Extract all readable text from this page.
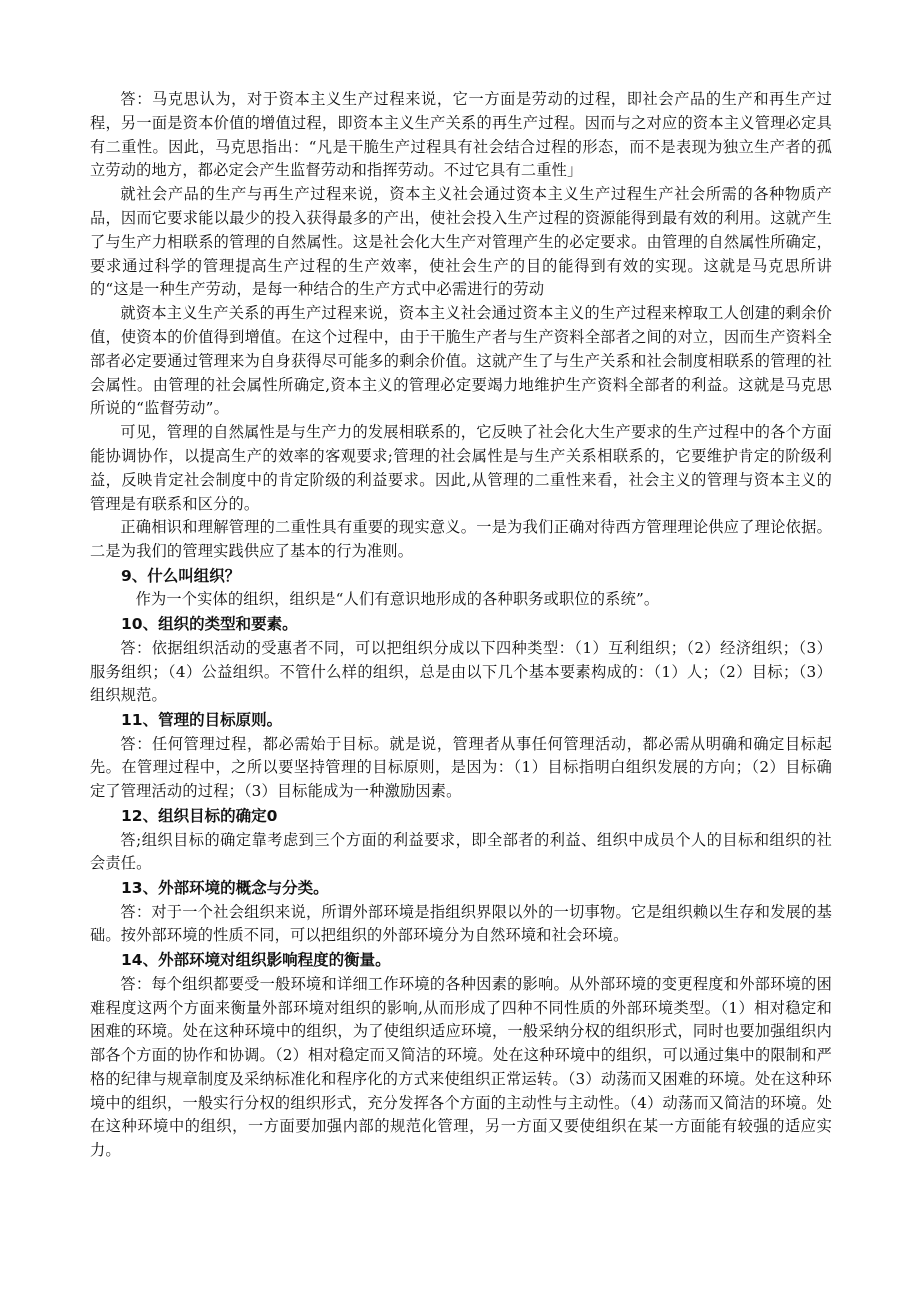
答：马克思认为，对于资本主义生产过程来说，它一方面是劳动的过程，即社会产品的生产和再生产过程，另一面是资本价值的增值过程，即资本主义生产关系的再生产过程。因而与之对应的资本主义管理必定具有二重性。因此，马克思指出：“凡是干脆生产过程具有社会结合过程的形态，而不是表现为独立生产者的孤立劳动的地方，都必定会产生监督劳动和指挥劳动。不过它具有二重性」

就社会产品的生产与再生产过程来说，资本主义社会通过资本主义生产过程生产社会所需的各种物质产品，因而它要求能以最少的投入获得最多的产出，使社会投入生产过程的资源能得到最有效的利用。这就产生了与生产力相联系的管理的自然属性。这是社会化大生产对管理产生的必定要求。由管理的自然属性所确定，要求通过科学的管理提高生产过程的生产效率，使社会生产的目的能得到有效的实现。这就是马克思所讲的“这是一种生产劳动，是每一种结合的生产方式中必需进行的劳动

就资本主义生产关系的再生产过程来说，资本主义社会通过资本主义的生产过程来榨取工人创建的剩余价值，使资本的价值得到增值。在这个过程中，由于干脆生产者与生产资料全部者之间的对立，因而生产资料全部者必定要通过管理来为自身获得尽可能多的剩余价值。这就产生了与生产关系和社会制度相联系的管理的社会属性。由管理的社会属性所确定,资本主义的管理必定要竭力地维护生产资料全部者的利益。这就是马克思所说的“监督劳动”。

可见，管理的自然属性是与生产力的发展相联系的，它反映了社会化大生产要求的生产过程中的各个方面能协调协作，以提高生产的效率的客观要求;管理的社会属性是与生产关系相联系的，它要维护肯定的阶级利益，反映肯定社会制度中的肯定阶级的利益要求。因此,从管理的二重性来看，社会主义的管理与资本主义的管理是有联系和区分的。

正确相识和理解管理的二重性具有重要的现实意义。一是为我们正确对待西方管理理论供应了理论依据。二是为我们的管理实践供应了基本的行为准则。

9、什么叫组织？

作为一个实体的组织，组织是“人们有意识地形成的各种职务或职位的系统”。

10、组织的类型和要素。

答：依据组织活动的受惠者不同，可以把组织分成以下四种类型：（1）互利组织；（2）经济组织；（3）服务组织；（4）公益组织。不管什么样的组织，总是由以下几个基本要素构成的：（1）人；（2）目标；（3）组织规范。

11、管理的目标原则。

答：任何管理过程，都必需始于目标。就是说，管理者从事任何管理活动，都必需从明确和确定目标起先。在管理过程中，之所以要坚持管理的目标原则，是因为：（1）目标指明白组织发展的方向；（2）目标确定了管理活动的过程；（3）目标能成为一种激励因素。

12、组织目标的确定0

答;组织目标的确定靠考虑到三个方面的利益要求，即全部者的利益、组织中成员个人的目标和组织的社会责任。

13、外部环境的概念与分类。

答：对于一个社会组织来说，所谓外部环境是指组织界限以外的一切事物。它是组织赖以生存和发展的基础。按外部环境的性质不同，可以把组织的外部环境分为自然环境和社会环境。

14、外部环境对组织影响程度的衡量。

答：每个组织都要受一般环境和详细工作环境的各种因素的影响。从外部环境的变更程度和外部环境的困难程度这两个方面来衡量外部环境对组织的影响,从而形成了四种不同性质的外部环境类型。（1）相对稳定和困难的环境。处在这种环境中的组织，为了使组织适应环境，一般采纳分权的组织形式，同时也要加强组织内部各个方面的协作和协调。（2）相对稳定而又简洁的环境。处在这种环境中的组织，可以通过集中的限制和严格的纪律与规章制度及采纳标准化和程序化的方式来使组织正常运转。（3）动荡而又困难的环境。处在这种环境中的组织，一般实行分权的组织形式，充分发挥各个方面的主动性与主动性。（4）动荡而又简洁的环境。处在这种环境中的组织，一方面要加强内部的规范化管理，另一方面又要使组织在某一方面能有较强的适应实力。
